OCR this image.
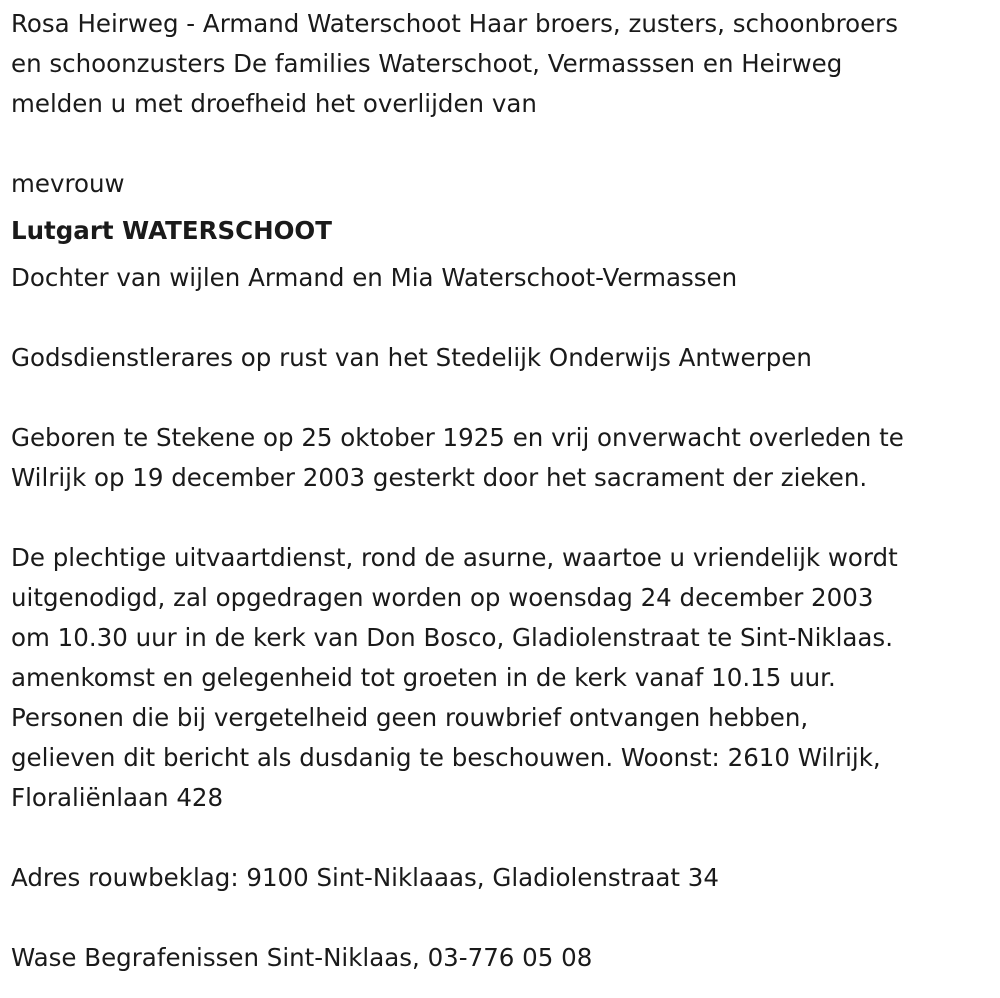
Rosa Heirweg - Armand Waterschoot Haar broers, zusters, schoonbroers
en schoonzusters De families Waterschoot, Vermasssen en Heirweg
melden u met droefheid het overlijden van
mevrouw
Lutgart WATERSCHOOT
Dochter van wijlen Armand en Mia Waterschoot-Vermassen
Godsdienstlerares op rust van het Stedelijk Onderwijs Antwerpen
Geboren te Stekene op 25 oktober 1925 en vrij onverwacht overleden te
Wilrijk op 19 december 2003 gesterkt door het sacrament der zieken.
De plechtige uitvaartdienst, rond de asurne, waartoe u vriendelijk wordt
uitgenodigd, zal opgedragen worden op woensdag 24 december 2003
om 10.30 uur in de kerk van Don Bosco, Gladiolenstraat te Sint-Niklaas.
amenkomst en gelegenheid tot groeten in de kerk vanaf 10.15 uur.
Personen die bij vergetelheid geen rouwbrief ontvangen hebben,
gelieven dit bericht als dusdanig te beschouwen. Woonst: 2610 Wilrijk,
Floraliënlaan 428
Adres rouwbeklag: 9100 Sint-Niklaaas, Gladiolenstraat 34
Wase Begrafenissen Sint-Niklaas, 03-776 05 08
